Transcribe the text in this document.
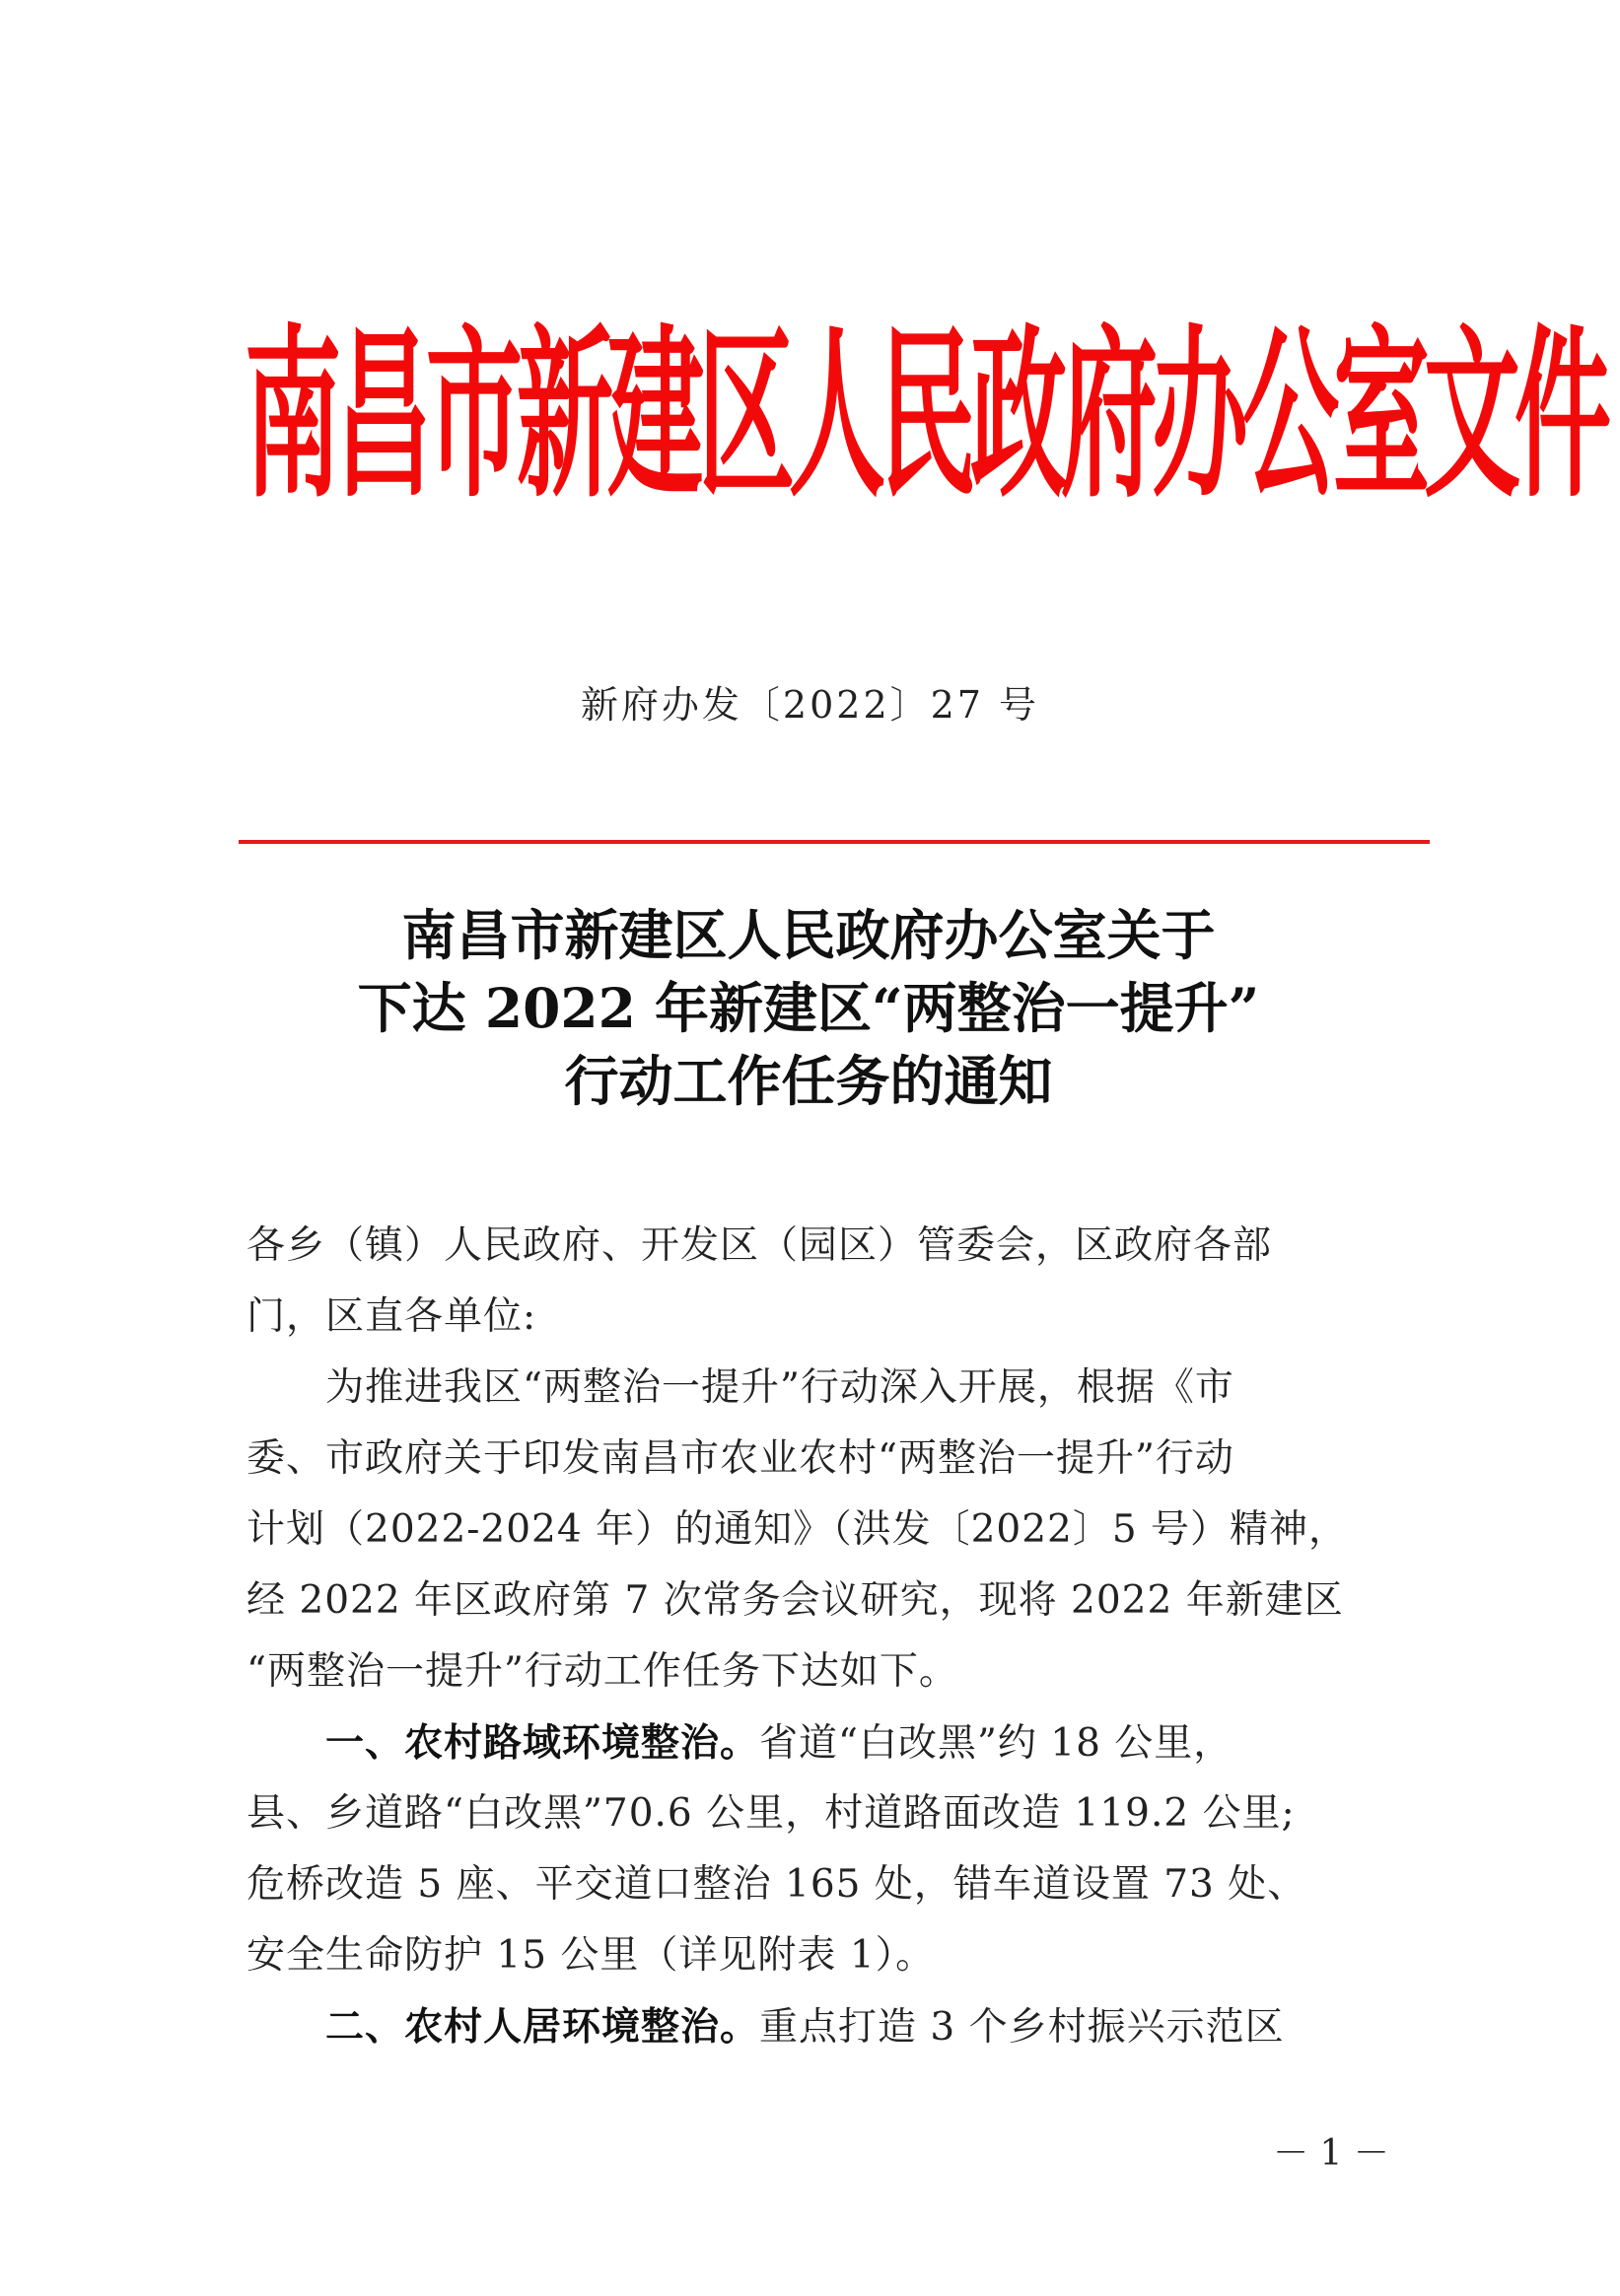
南昌市新建区人民政府办公室文件
新府办发〔2022〕27 号
南昌市新建区人民政府办公室关于
下达 2022 年新建区“两整治一提升”
行动工作任务的通知
各乡（镇）人民政府、开发区（园区）管委会，区政府各部
门，区直各单位:
为推进我区“两整治一提升”行动深入开展，根据《市
委、市政府关于印发南昌市农业农村“两整治一提升”行动
计划（2022-2024 年）的通知》（洪发〔2022〕5 号）精神，
经 2022 年区政府第 7 次常务会议研究，现将 2022 年新建区
“两整治一提升”行动工作任务下达如下。
一、农村路域环境整治。省道“白改黑”约 18 公里，
县、乡道路“白改黑”70.6 公里，村道路面改造 119.2 公里;
危桥改造 5 座、平交道口整治 165 处，错车道设置 73 处、
安全生命防护 15 公里（详见附表 1）。
二、农村人居环境整治。重点打造 3 个乡村振兴示范区
－ 1 －
